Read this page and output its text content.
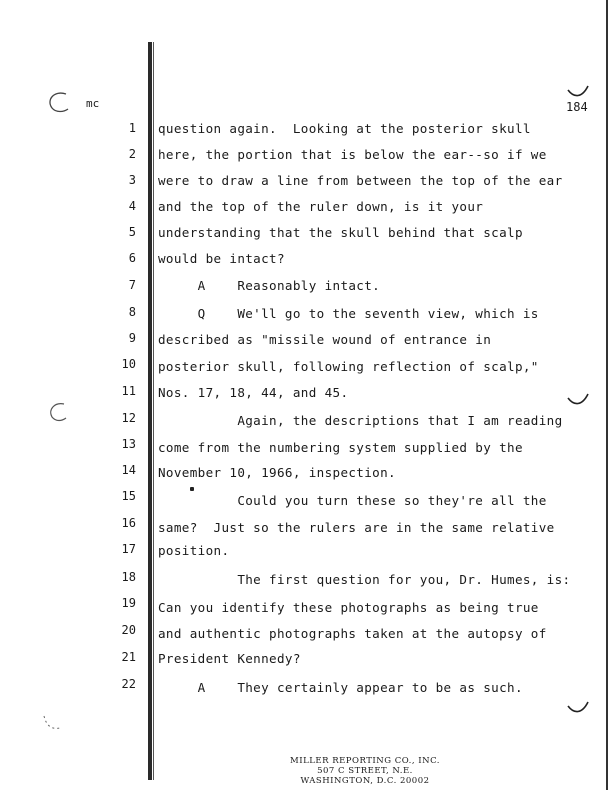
mc	184
1 question again.  Looking at the posterior skull
2 here, the portion that is below the ear--so if we
3 were to draw a line from between the top of the ear
4 and the top of the ruler down, is it your
5 understanding that the skull behind that scalp
6 would be intact?
7 A    Reasonably intact.
8 Q    We'll go to the seventh view, which is
9 described as "missile wound of entrance in
10 posterior skull, following reflection of scalp,"
11 Nos. 17, 18, 44, and 45.
12 Again, the descriptions that I am reading
13 come from the numbering system supplied by the
14 November 10, 1966, inspection.
15 Could you turn these so they're all the
16 same?  Just so the rulers are in the same relative
17 position.
18 The first question for you, Dr. Humes, is:
19 Can you identify these photographs as being true
20 and authentic photographs taken at the autopsy of
21 President Kennedy?
22 A    They certainly appear to be as such.
MILLER REPORTING CO., INC.
507 C STREET, N.E.
WASHINGTON, D.C. 20002
